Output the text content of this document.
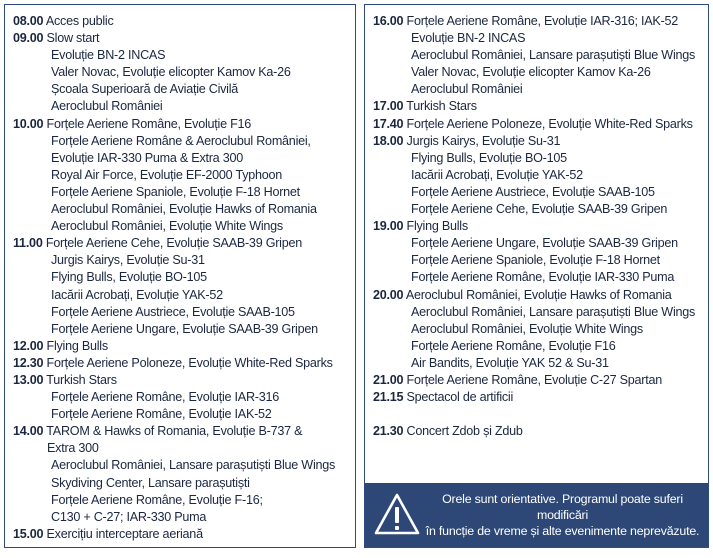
08.00 Acces public
09.00 Slow start
Evoluție BN-2 INCAS
Valer Novac, Evoluție elicopter Kamov Ka-26
Școala Superioară de Aviație Civilă
Aeroclubul României
10.00 Forțele Aeriene Române, Evoluție F16
Forțele Aeriene Române & Aeroclubul României,
Evoluție IAR-330 Puma & Extra 300
Royal Air Force, Evoluție EF-2000 Typhoon
Forțele Aeriene Spaniole, Evoluție F-18 Hornet
Aeroclubul României, Evoluție Hawks of Romania
Aeroclubul României, Evoluție White Wings
11.00 Forțele Aeriene Cehe, Evoluție SAAB-39 Gripen
Jurgis Kairys, Evoluție Su-31
Flying Bulls, Evoluție BO-105
Iacării Acrobați, Evoluție YAK-52
Forțele Aeriene Austriece, Evoluție SAAB-105
Forțele Aeriene Ungare, Evoluție SAAB-39 Gripen
12.00 Flying Bulls
12.30 Forțele Aeriene Poloneze, Evoluție White-Red Sparks
13.00 Turkish Stars
Forțele Aeriene Române, Evoluție IAR-316
Forțele Aeriene Române, Evoluție IAK-52
14.00 TAROM & Hawks of Romania, Evoluție B-737 &
Extra 300
Aeroclubul României, Lansare parașutiști Blue Wings
Skydiving Center, Lansare parașutiști
Forțele Aeriene Române, Evoluție F-16;
C130 + C-27; IAR-330 Puma
15.00 Exercițiu interceptare aeriană
16.00 Forțele Aeriene Române, Evoluție IAR-316; IAK-52
Evoluție BN-2 INCAS
Aeroclubul României, Lansare parașutiști Blue Wings
Valer Novac, Evoluție elicopter Kamov Ka-26
Aeroclubul României
17.00 Turkish Stars
17.40 Forțele Aeriene Poloneze, Evoluție White-Red Sparks
18.00 Jurgis Kairys, Evoluție Su-31
Flying Bulls, Evoluție BO-105
Iacării Acrobați, Evoluție YAK-52
Forțele Aeriene Austriece, Evoluție SAAB-105
Forțele Aeriene Cehe, Evoluție SAAB-39 Gripen
19.00 Flying Bulls
Forțele Aeriene Ungare, Evoluție SAAB-39 Gripen
Forțele Aeriene Spaniole, Evoluție F-18 Hornet
Forțele Aeriene Române, Evoluție IAR-330 Puma
20.00 Aeroclubul României, Evoluție Hawks of Romania
Aeroclubul României, Lansare parașutiști Blue Wings
Aeroclubul României, Evoluție White Wings
Forțele Aeriene Române, Evoluție F16
Air Bandits, Evoluție YAK 52 & Su-31
21.00 Forțele Aeriene Române, Evoluție C-27 Spartan
21.15 Spectacol de artificii
21.30 Concert Zdob și Zdub
Orele sunt orientative. Programul poate suferi modificări
în funcție de vreme și alte evenimente neprevăzute.
